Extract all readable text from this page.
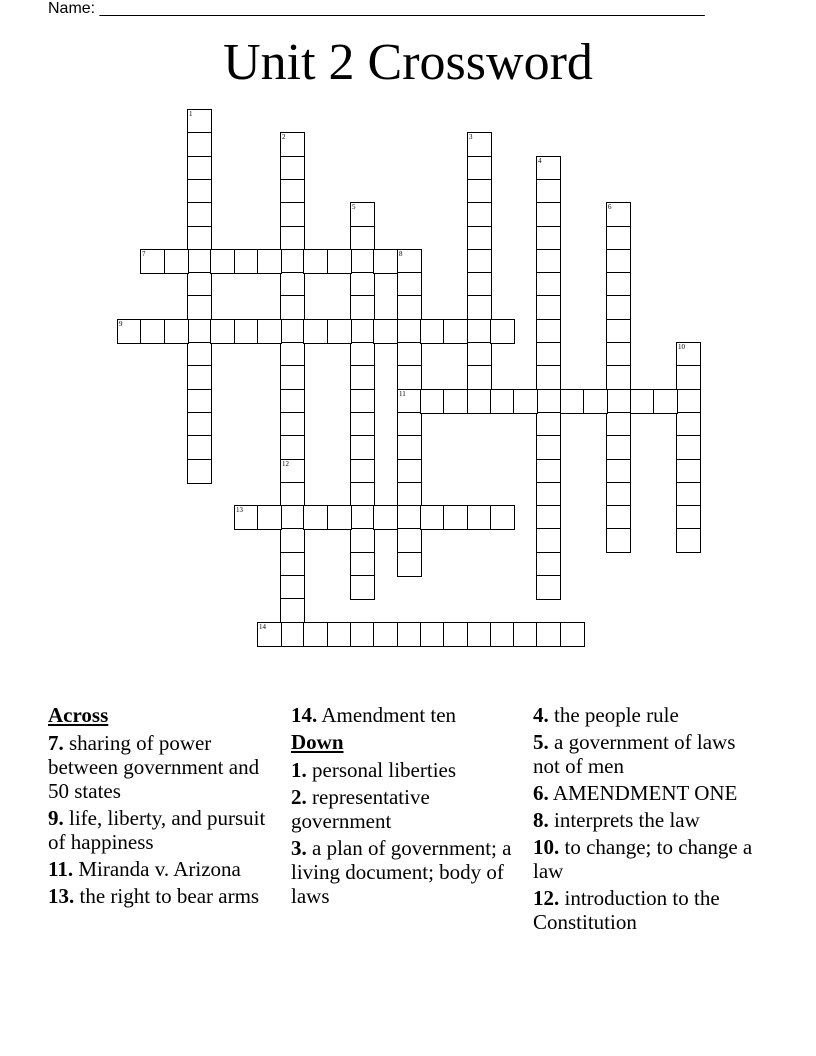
Name: ____________________________________________________________________
Unit 2 Crossword
1
2	3
4
5	6
7	8
11
9
10
12
13
14
Across
7. sharing of power between government and 50 states
9. life, liberty, and pursuit of happiness
11. Miranda v. Arizona
13. the right to bear arms
14. Amendment ten
Down
1. personal liberties
2. representative government
3. a plan of government; a living document; body of laws
4. the people rule
5. a government of laws not of men
6. AMENDMENT ONE
8. interprets the law
10. to change; to change a law
12. introduction to the Constitution
